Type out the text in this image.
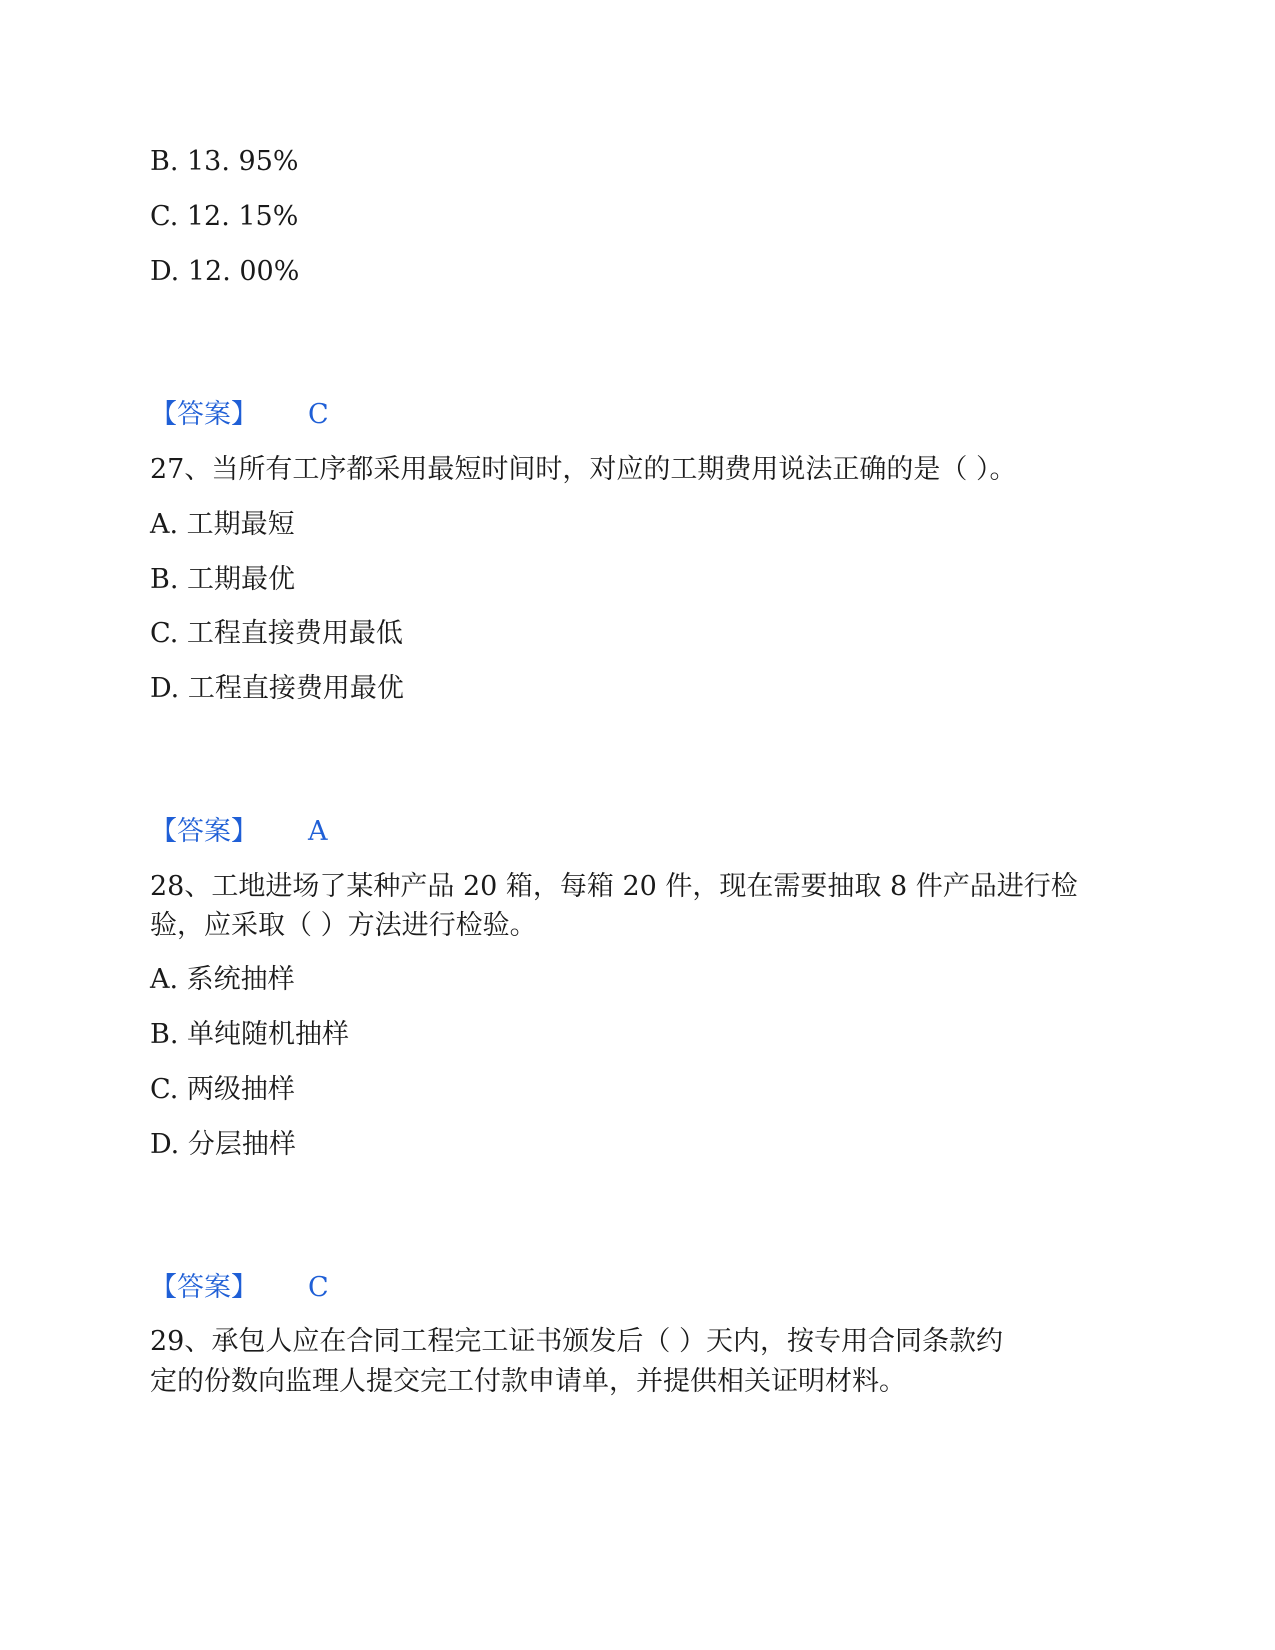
B. 13. 95%
C. 12. 15%
D. 12. 00%
【答案】 C
27、当所有工序都采用最短时间时，对应的工期费用说法正确的是（ ）。
A. 工期最短
B. 工期最优
C. 工程直接费用最低
D. 工程直接费用最优
【答案】 A
28、工地进场了某种产品 20 箱，每箱 20 件，现在需要抽取 8 件产品进行检
验，应采取（ ）方法进行检验。
A. 系统抽样
B. 单纯随机抽样
C. 两级抽样
D. 分层抽样
【答案】 C
29、承包人应在合同工程完工证书颁发后（ ）天内，按专用合同条款约
定的份数向监理人提交完工付款申请单，并提供相关证明材料。
